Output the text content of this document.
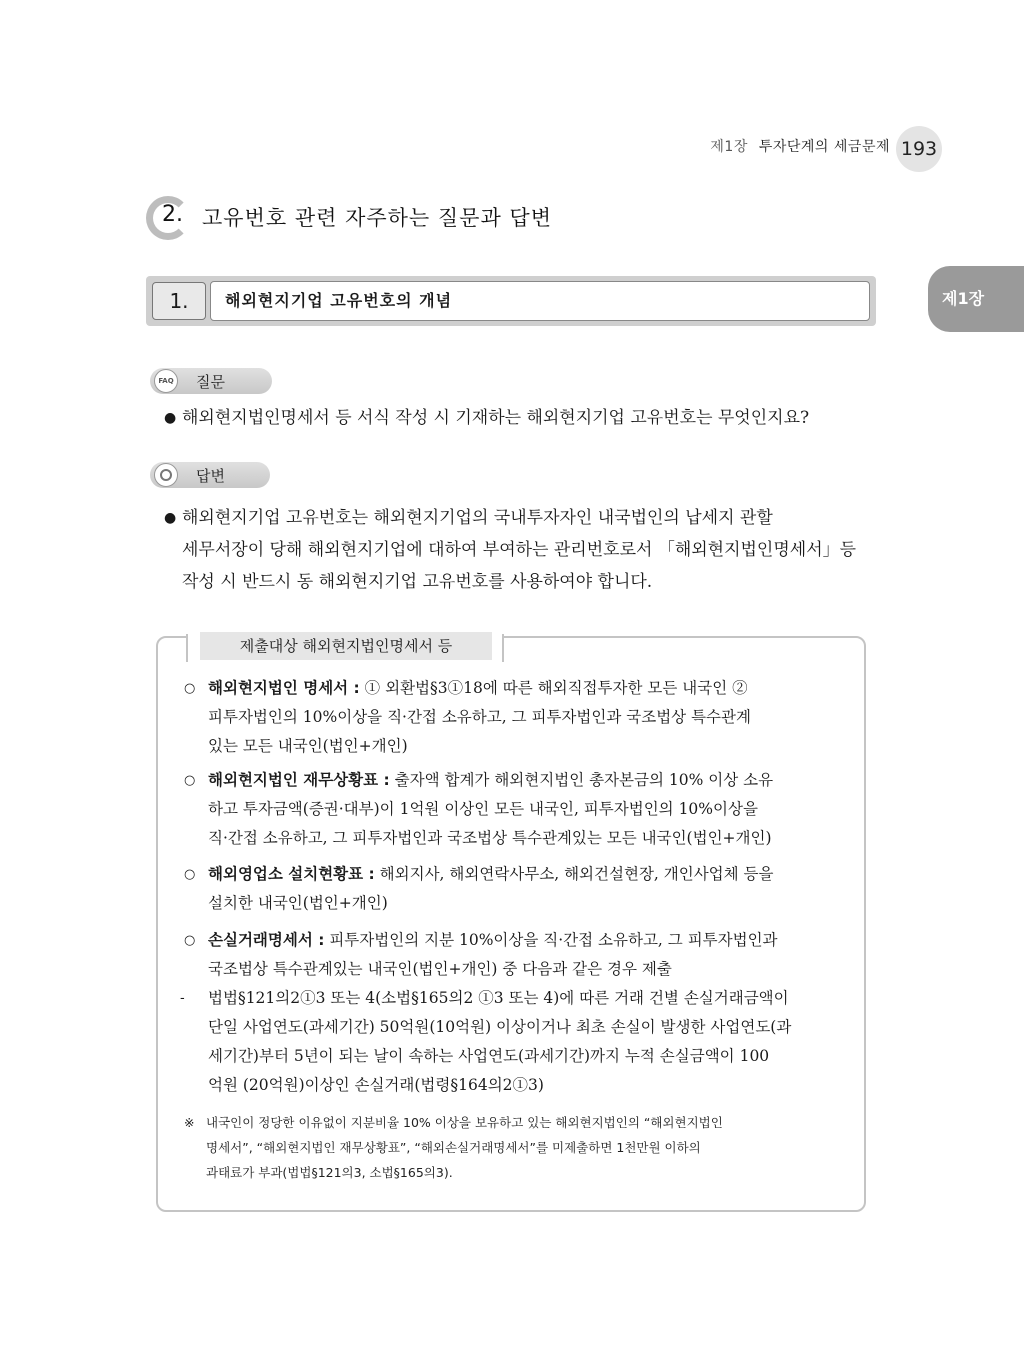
제1장 투자단계의 세금문제 193
제1장
2. 고유번호 관련 자주하는 질문과 답변
1.	해외현지기업 고유번호의 개념
FAQ 질문
● 해외현지법인명세서 등 서식 작성 시 기재하는 해외현지기업 고유번호는 무엇인지요?
답변
● 해외현지기업 고유번호는 해외현지기업의 국내투자자인 내국법인의 납세지 관할
세무서장이 당해 해외현지기업에 대하여 부여하는 관리번호로서 「해외현지법인명세서」등
작성 시 반드시 동 해외현지기업 고유번호를 사용하여야 합니다.
제출대상 해외현지법인명세서 등
○ 해외현지법인 명세서 : ① 외환법§3①18에 따른 해외직접투자한 모든 내국인 ②
피투자법인의 10%이상을 직·간접 소유하고, 그 피투자법인과 국조법상 특수관계
있는 모든 내국인(법인+개인)
○ 해외현지법인 재무상황표 : 출자액 합계가 해외현지법인 총자본금의 10% 이상 소유
하고 투자금액(증권·대부)이 1억원 이상인 모든 내국인, 피투자법인의 10%이상을
직·간접 소유하고, 그 피투자법인과 국조법상 특수관계있는 모든 내국인(법인+개인)
○ 해외영업소 설치현황표 : 해외지사, 해외연락사무소, 해외건설현장, 개인사업체 등을
설치한 내국인(법인+개인)
○ 손실거래명세서 : 피투자법인의 지분 10%이상을 직·간접 소유하고, 그 피투자법인과
국조법상 특수관계있는 내국인(법인+개인) 중 다음과 같은 경우 제출
- 법법§121의2①3 또는 4(소법§165의2 ①3 또는 4)에 따른 거래 건별 손실거래금액이
단일 사업연도(과세기간) 50억원(10억원) 이상이거나 최초 손실이 발생한 사업연도(과
세기간)부터 5년이 되는 날이 속하는 사업연도(과세기간)까지 누적 손실금액이 100
억원 (20억원)이상인 손실거래(법령§164의2①3)
※ 내국인이 정당한 이유없이 지분비율 10% 이상을 보유하고 있는 해외현지법인의 “해외현지법인
명세서”, “해외현지법인 재무상황표”, “해외손실거래명세서”를 미제출하면 1천만원 이하의
과태료가 부과(법법§121의3, 소법§165의3).
